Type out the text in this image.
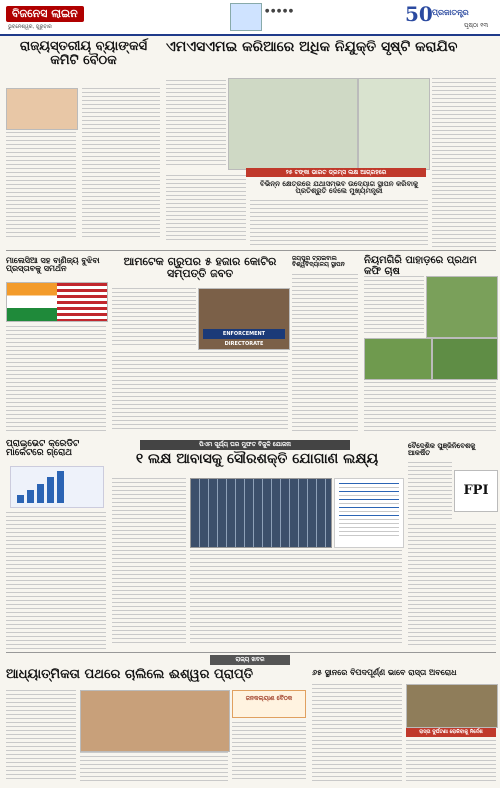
ବିଜନେସ ଲାଇନ
ଭୁବନେଶ୍ୱର, ଗୁରୁବାର
● ● ● ● ●	50 ପ୍ରଜାତନ୍ତ୍ର
ପୃଷ୍ଠା ୧୩
ରାଜ୍ୟସ୍ତରୀୟ ବ୍ୟାଙ୍କର୍ସ କମିଟି ବୈଠକ
ଏମଏସଏମଇ କରିଆରେ ଅଧିକ ନିଯୁକ୍ତି ସୃଷ୍ଟି କରାଯିବ
୨୫ ଟଙ୍କା ଭାରତ ଡ୍ରମ୍ସ ଲକ୍ଷ ଆଗ୍ରହରେ
ବିଭିନ୍ନ କ୍ଷେତ୍ରରେ ଯଥାସମ୍ଭବ ଉଦ୍ୟୋଗ ସ୍ଥାପନ କରିବାକୁ ପ୍ରତିଶ୍ରୁତି ଦେଲେ ମୁଖ୍ୟମନ୍ତ୍ରୀ
ମାଲେସିଆ ସହ ବାଣିଜ୍ୟ ବୁଝିବା ପ୍ରସ୍ତାବକୁ ସମର୍ଥନ
ଆମଟେକ ଗ୍ରୁପର ୫ ହଜାର କୋଟିର ସମ୍ପତ୍ତି ଜବତ
ENFORCEMENT DIRECTORATE
ଜୟପୁର ଟ୍ରାଇବାଲ ବିଶ୍ୱବିଦ୍ୟାଳୟ ସ୍ଥାପନ	ନିୟମଗିରି ପାହାଡ଼ରେ ପ୍ରଥମ କଫି ଚାଷ
ପ୍ରାଇଭେଟ କ୍ରେଡିଟ ମାର୍କେଟରେ ଗ୍ରୋଥ
ପିଏମ ସୂର୍ଯ୍ୟ ଘର ମୁଫତ ବିଜୁଳି ଯୋଜନା
୧ ଲକ୍ଷ ଆବାସକୁ ସୌରଶକ୍ତି ଯୋଗାଣ ଲକ୍ଷ୍ୟ
ବୈଦେଶିକ ପୁଞ୍ଜିନିବେଶକୁ ଆକର୍ଷିତ
FPI
ରାଜ୍ୟ ଖବର
ଆଧ୍ୟାତ୍ମିକତା ପଥରେ ଚାଲିଲେ ଈଶ୍ୱର ପ୍ରାପ୍ତି
ଜନକଲ୍ୟାଣ ବୈଠକ
୬୫ ସ୍ଥାନରେ ବିପଦପୂର୍ଣ୍ଣ ଭାବେ ରାସ୍ତା ଅବରୋଧ
ରାସ୍ତା ଦୁର୍ଘଟଣା ରୋକିବାକୁ ନିର୍ଦ୍ଦେଶ
